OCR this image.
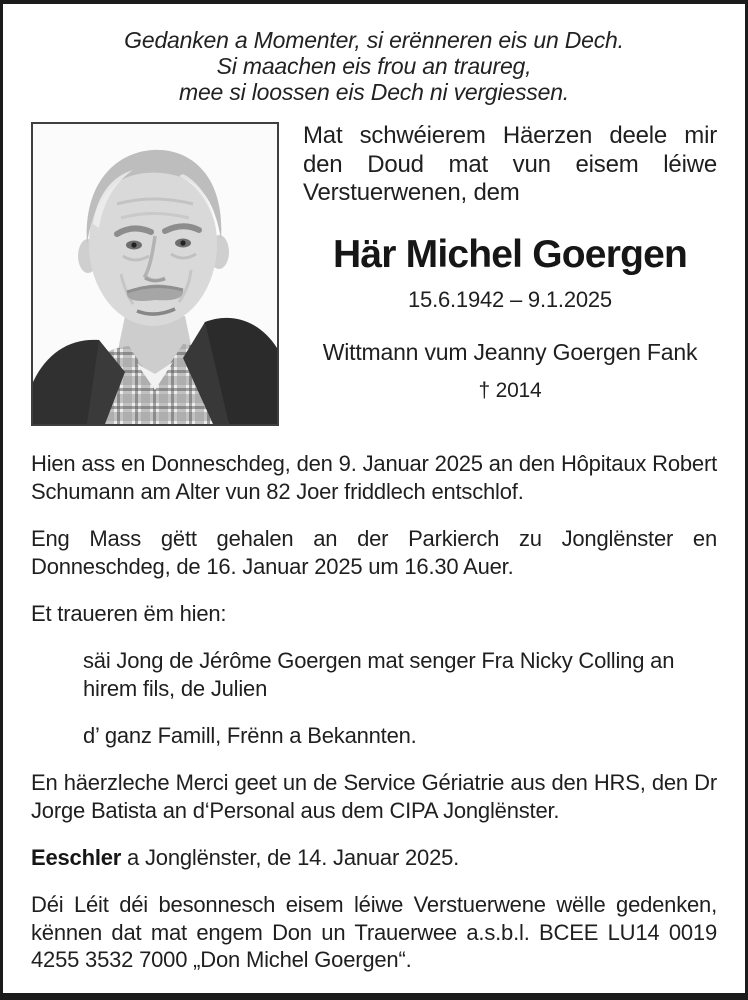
Gedanken a Momenter, si erënneren eis un Dech.
Si maachen eis frou an traureg,
mee si loossen eis Dech ni vergiessen.

Mat schwéierem Häerzen deele mir den Doud mat vun eisem léiwe Verstuerwenen, dem

Här Michel Goergen
15.6.1942 – 9.1.2025
Wittmann vum Jeanny Goergen Fank
† 2014

Hien ass en Donneschdeg, den 9. Januar 2025 an den Hôpitaux Robert Schumann am Alter vun 82 Joer friddlech entschlof.

Eng Mass gëtt gehalen an der Parkierch zu Jonglënster en Donneschdeg, de 16. Januar 2025 um 16.30 Auer.

Et traueren ëm hien:

säi Jong de Jérôme Goergen mat senger Fra Nicky Colling an hirem fils, de Julien

d’ ganz Famill, Frënn a Bekannten.

En häerzleche Merci geet un de Service Gériatrie aus den HRS, den Dr Jorge Batista an d‘Personal aus dem CIPA Jonglënster.

Eeschler a Jonglënster, de 14. Januar 2025.

Déi Léit déi besonnesch eisem léiwe Verstuerwene wëlle gedenken, kënnen dat mat engem Don un Trauerwee a.s.b.l. BCEE LU14 0019 4255 3532 7000 „Don Michel Goergen“.
